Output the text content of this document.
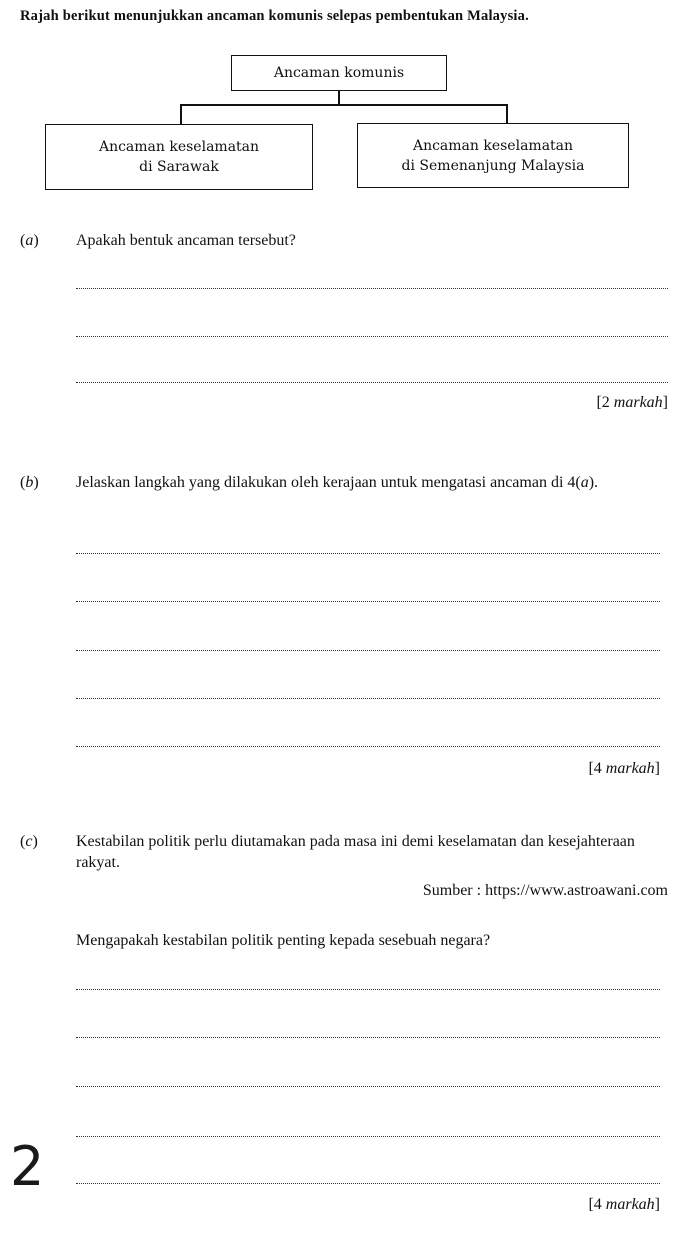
Rajah berikut menunjukkan ancaman komunis selepas pembentukan Malaysia.
Ancaman komunis
Ancaman keselamatan
di Sarawak
Ancaman keselamatan
di Semenanjung Malaysia
(a) Apakah bentuk ancaman tersebut?
[2 markah]
(b) Jelaskan langkah yang dilakukan oleh kerajaan untuk mengatasi ancaman di 4(a).
[4 markah]
(c) Kestabilan politik perlu diutamakan pada masa ini demi keselamatan dan kesejahteraan rakyat.
Sumber : https://www.astroawani.com
Mengapakah kestabilan politik penting kepada sesebuah negara?
[4 markah]
2
